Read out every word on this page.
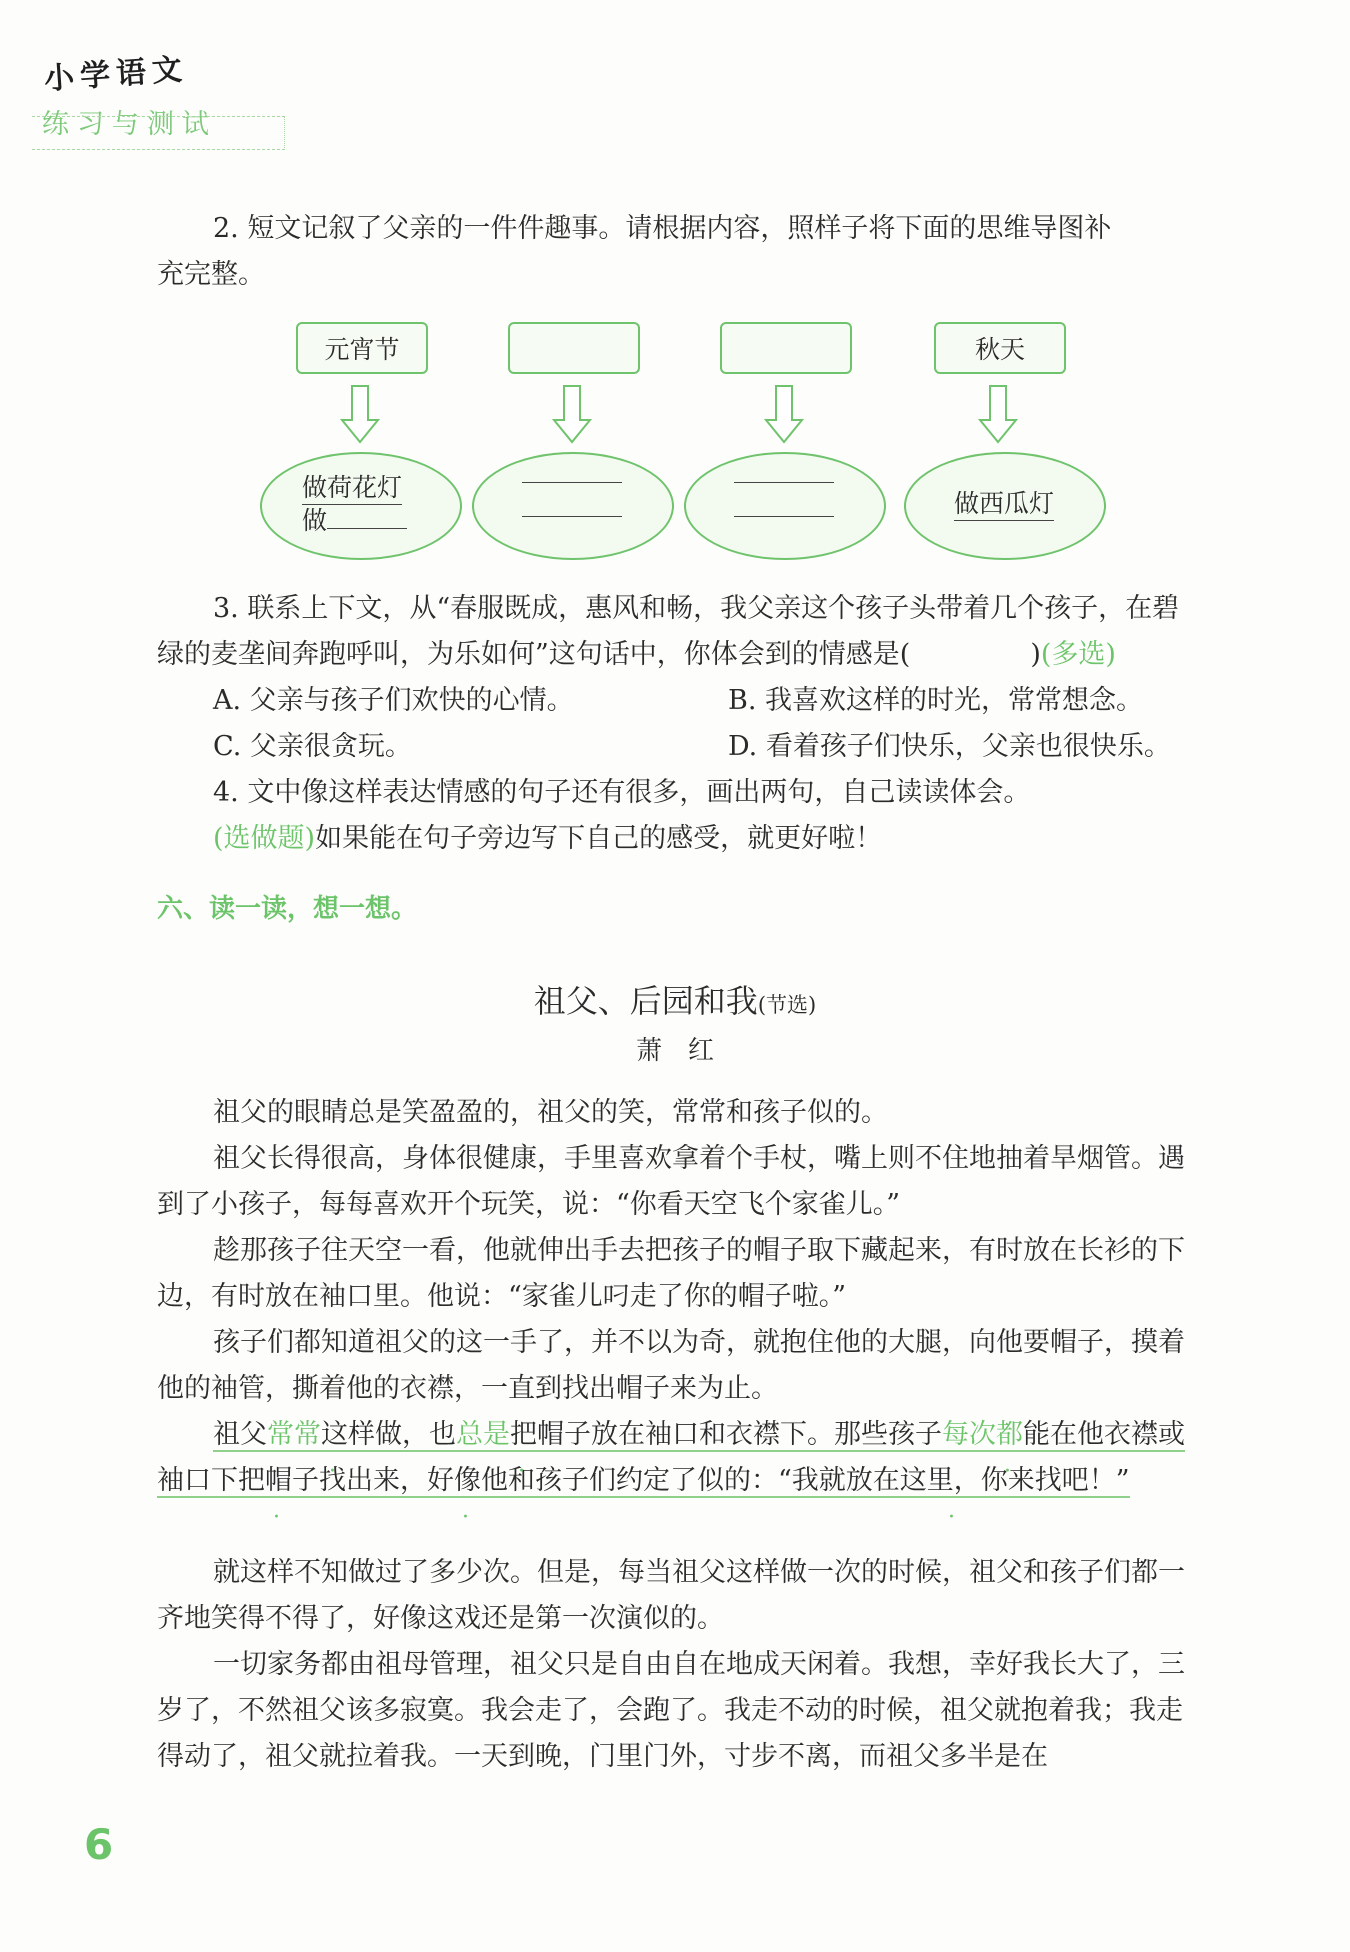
小学语文
练习与测试
2. 短文记叙了父亲的一件件趣事。请根据内容，照样子将下面的思维导图补
充完整。
元宵节	秋天
做荷花灯
做
做西瓜灯
3. 联系上下文，从“春服既成，惠风和畅，我父亲这个孩子头带着几个孩子，在碧
绿的麦垄间奔跑呼叫，为乐如何”这句话中，你体会到的情感是(	)(多选)
A. 父亲与孩子们欢快的心情。	B. 我喜欢这样的时光，常常想念。
C. 父亲很贪玩。	D. 看着孩子们快乐，父亲也很快乐。
4. 文中像这样表达情感的句子还有很多，画出两句，自己读读体会。
(选做题)如果能在句子旁边写下自己的感受，就更好啦！
六、读一读，想一想。
祖父、后园和我(节选)
萧　红

祖父的眼睛总是笑盈盈的，祖父的笑，常常和孩子似的。

祖父长得很高，身体很健康，手里喜欢拿着个手杖，嘴上则不住地抽着旱烟管。遇到了小孩子，每每喜欢开个玩笑，说：“你看天空飞个家雀儿。”

趁那孩子往天空一看，他就伸出手去把孩子的帽子取下藏起来，有时放在长衫的下边，有时放在袖口里。他说：“家雀儿叼走了你的帽子啦。”

孩子们都知道祖父的这一手了，并不以为奇，就抱住他的大腿，向他要帽子，摸着他的袖管，撕着他的衣襟，一直到找出帽子来为止。

祖父常常 · ·这样做，也总是 · ·把帽子放在袖口和衣襟下。那些孩子每次都 · ·能在他衣襟或袖口下把帽子找出来，好像他和孩子们约定了似的：“我就放在这里，你来找吧！”

就这样不知做过了多少次。但是，每当祖父这样做一次的时候，祖父和孩子们都一齐地笑得不得了，好像这戏还是第一次演似的。

一切家务都由祖母管理，祖父只是自由自在地成天闲着。我想，幸好我长大了，三岁了，不然祖父该多寂寞。我会走了，会跑了。我走不动的时候，祖父就抱着我；我走得动了，祖父就拉着我。一天到晚，门里门外，寸步不离，而祖父多半是在

6
